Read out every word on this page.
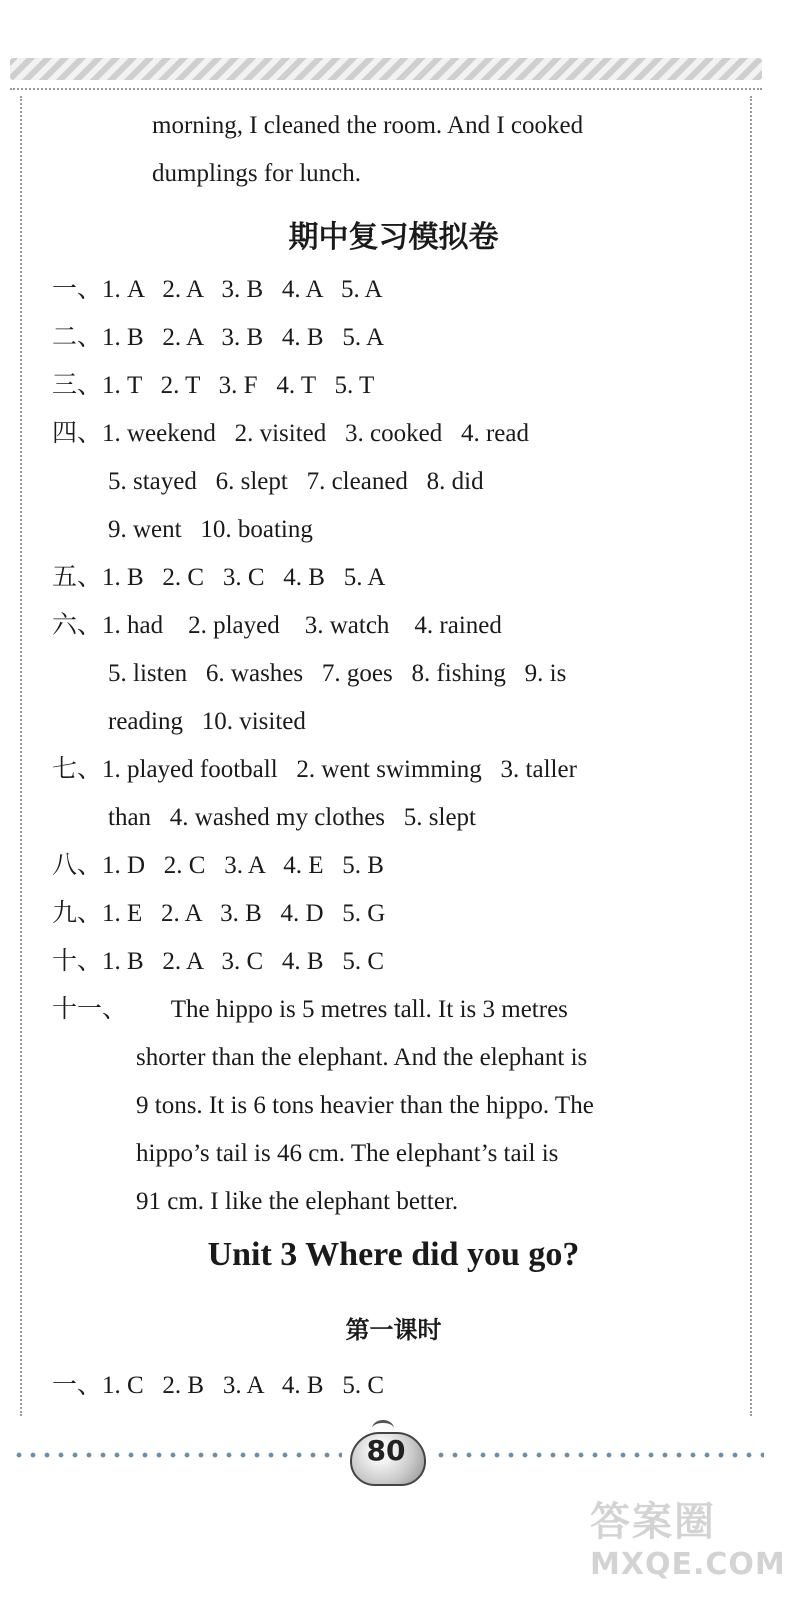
morning, I cleaned the room. And I cooked
dumplings for lunch.
期中复习模拟卷
一、1. A   2. A   3. B   4. A   5. A
二、1. B   2. A   3. B   4. B   5. A
三、1. T   2. T   3. F   4. T   5. T
四、1. weekend   2. visited   3. cooked   4. read
5. stayed   6. slept   7. cleaned   8. did
9. went   10. boating
五、1. B   2. C   3. C   4. B   5. A
六、1. had    2. played    3. watch    4. rained
5. listen   6. washes   7. goes   8. fishing   9. is
reading   10. visited
七、1. played football   2. went swimming   3. taller
than   4. washed my clothes   5. slept
八、1. D   2. C   3. A   4. E   5. B
九、1. E   2. A   3. B   4. D   5. G
十、1. B   2. A   3. C   4. B   5. C
十一、       The hippo is 5 metres tall. It is 3 metres
shorter than the elephant. And the elephant is
9 tons. It is 6 tons heavier than the hippo. The
hippo’s tail is 46 cm. The elephant’s tail is
91 cm. I like the elephant better.
Unit 3 Where did you go?
第一课时
一、1. C   2. B   3. A   4. B   5. C
80
答案圈
MXQE.COM
